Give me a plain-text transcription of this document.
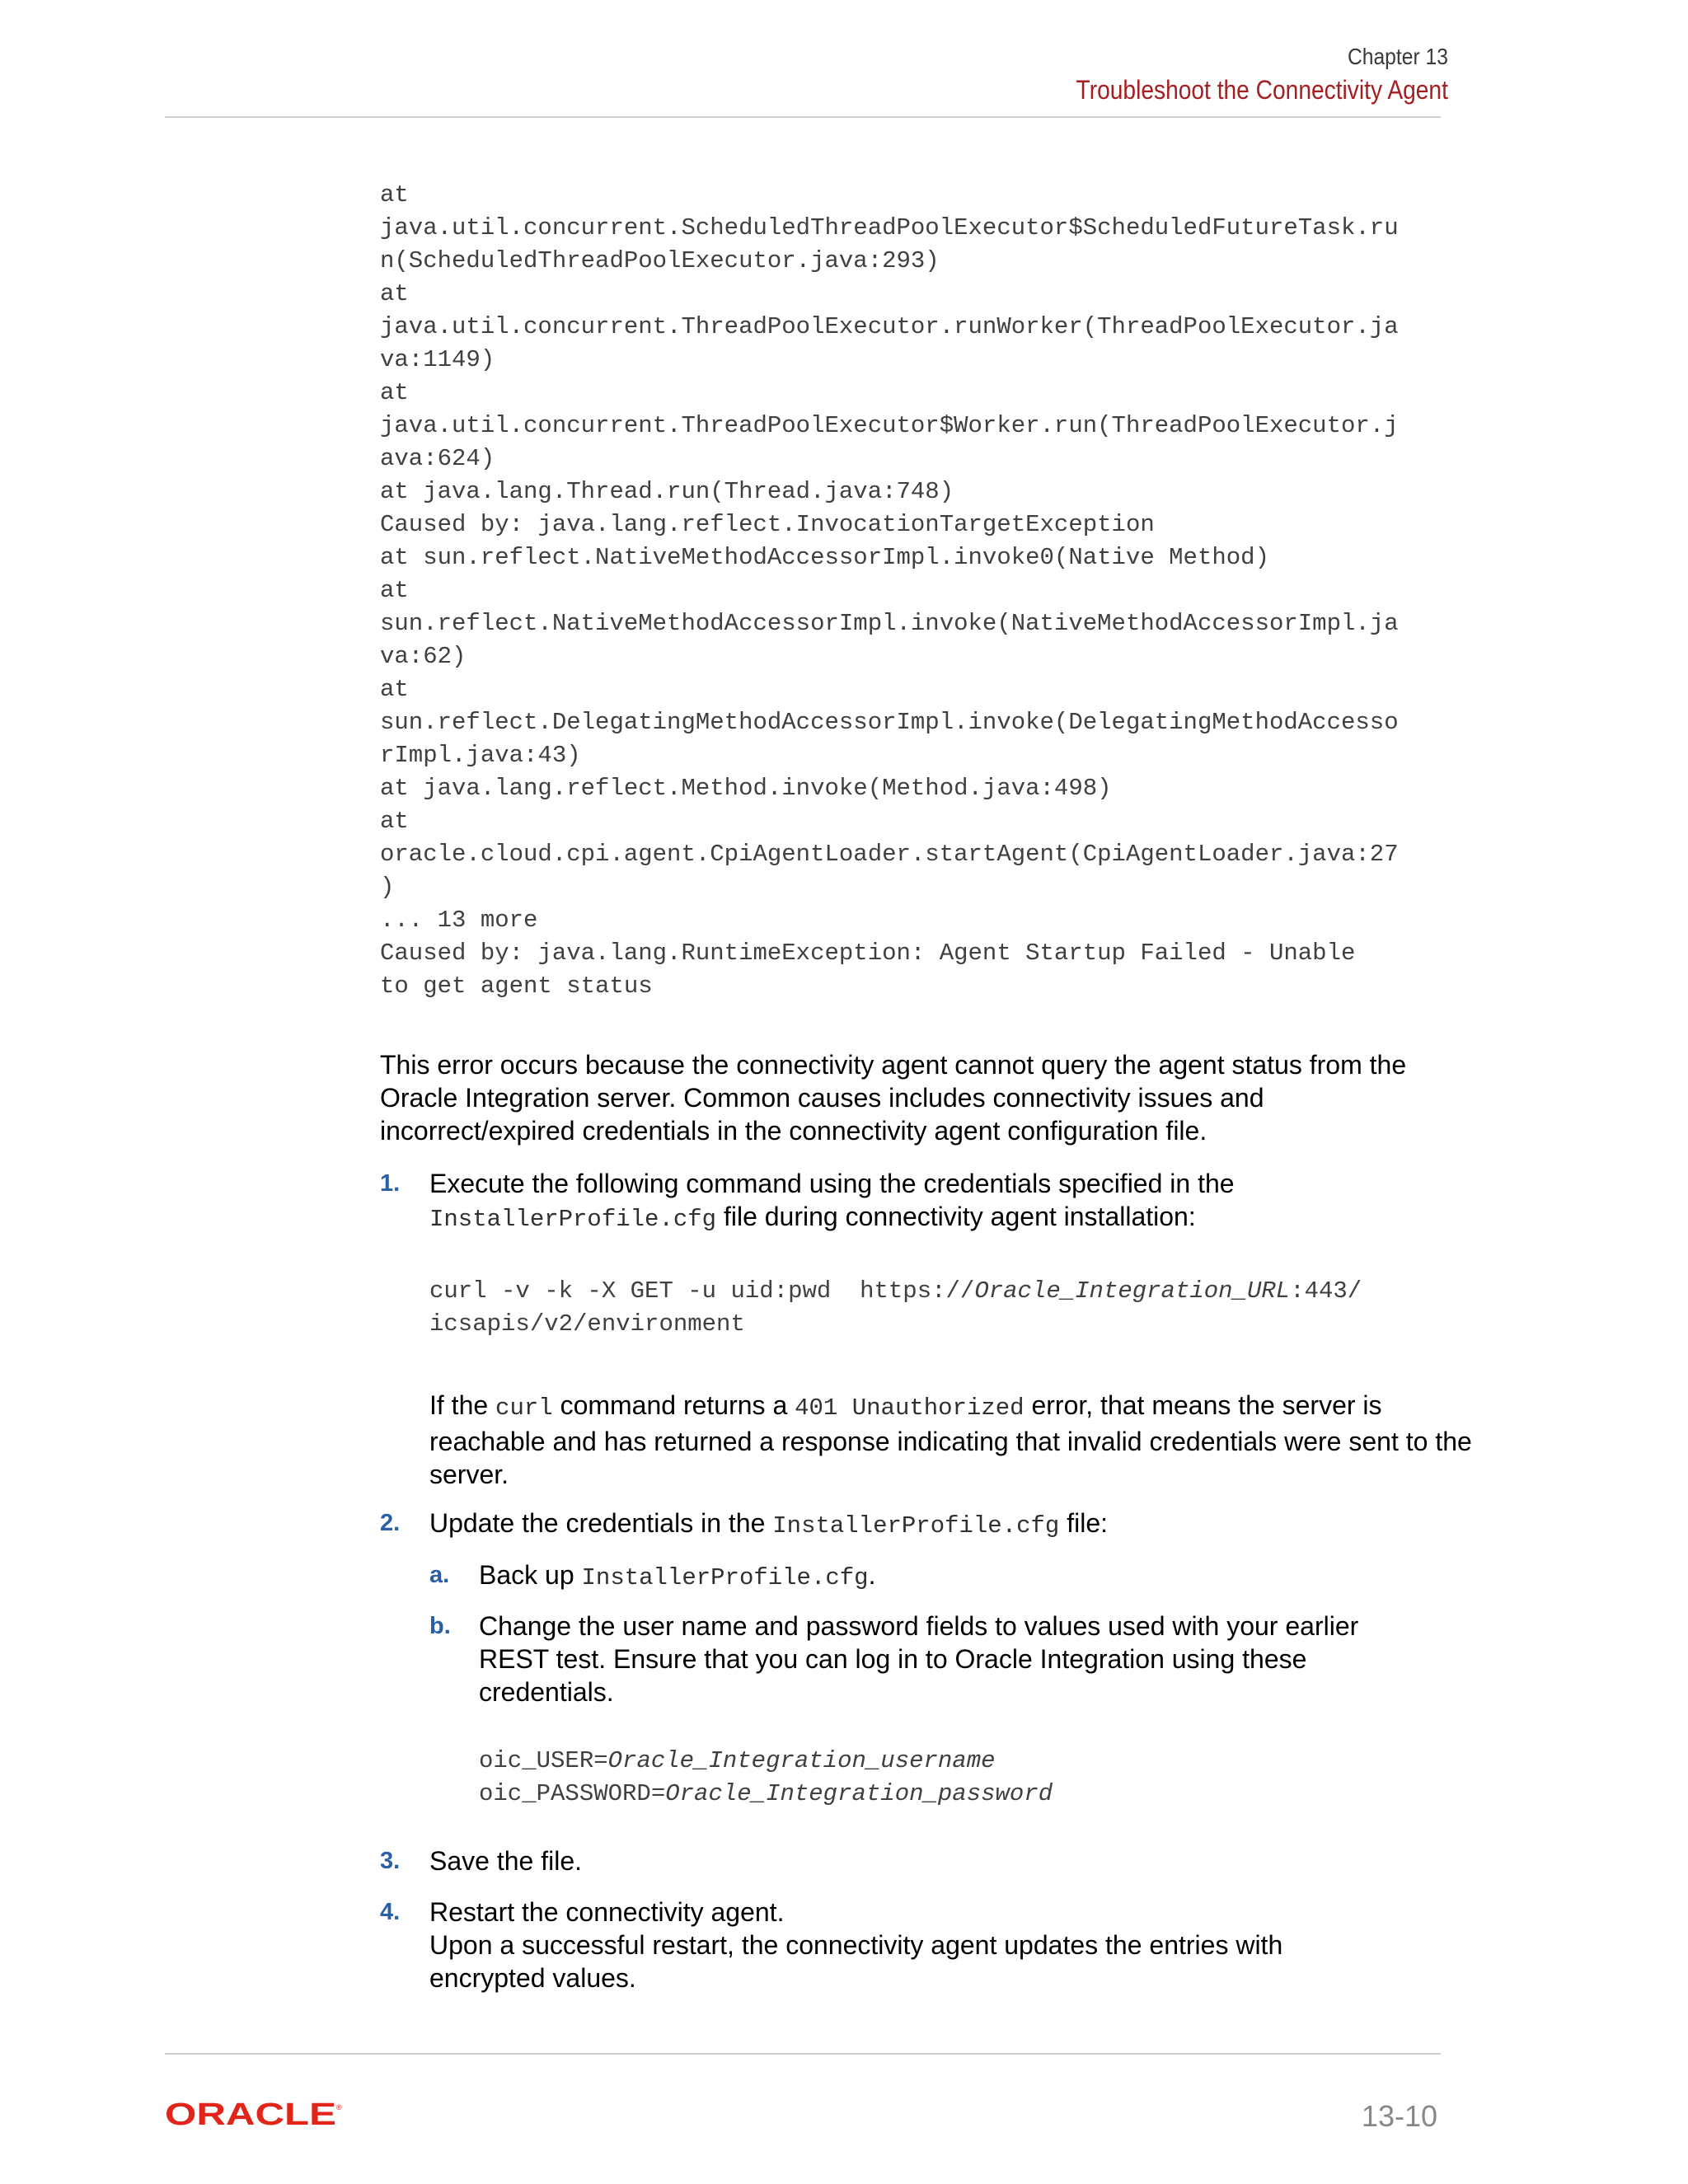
Chapter 13
Troubleshoot the Connectivity Agent
at
java.util.concurrent.ScheduledThreadPoolExecutor$ScheduledFutureTask.ru
n(ScheduledThreadPoolExecutor.java:293)
at
java.util.concurrent.ThreadPoolExecutor.runWorker(ThreadPoolExecutor.ja
va:1149)
at
java.util.concurrent.ThreadPoolExecutor$Worker.run(ThreadPoolExecutor.j
ava:624)
at java.lang.Thread.run(Thread.java:748)
Caused by: java.lang.reflect.InvocationTargetException
at sun.reflect.NativeMethodAccessorImpl.invoke0(Native Method)
at
sun.reflect.NativeMethodAccessorImpl.invoke(NativeMethodAccessorImpl.ja
va:62)
at
sun.reflect.DelegatingMethodAccessorImpl.invoke(DelegatingMethodAccesso
rImpl.java:43)
at java.lang.reflect.Method.invoke(Method.java:498)
at
oracle.cloud.cpi.agent.CpiAgentLoader.startAgent(CpiAgentLoader.java:27
)
... 13 more
Caused by: java.lang.RuntimeException: Agent Startup Failed - Unable
to get agent status

This error occurs because the connectivity agent cannot query the agent status from the Oracle Integration server. Common causes includes connectivity issues and incorrect/expired credentials in the connectivity agent configuration file.

1. Execute the following command using the credentials specified in the
InstallerProfile.cfg file during connectivity agent installation:
curl -v -k -X GET -u uid:pwd  https://Oracle_Integration_URL:443/
icsapis/v2/environment
If the curl command returns a 401 Unauthorized error, that means the server is reachable and has returned a response indicating that invalid credentials were sent to the server.
2. Update the credentials in the InstallerProfile.cfg file:
a. Back up InstallerProfile.cfg.
b. Change the user name and password fields to values used with your earlier REST test. Ensure that you can log in to Oracle Integration using these credentials.
oic_USER=Oracle_Integration_username
oic_PASSWORD=Oracle_Integration_password
3. Save the file.
4. Restart the connectivity agent.
Upon a successful restart, the connectivity agent updates the entries with encrypted values.
ORACLE ®	13-10
